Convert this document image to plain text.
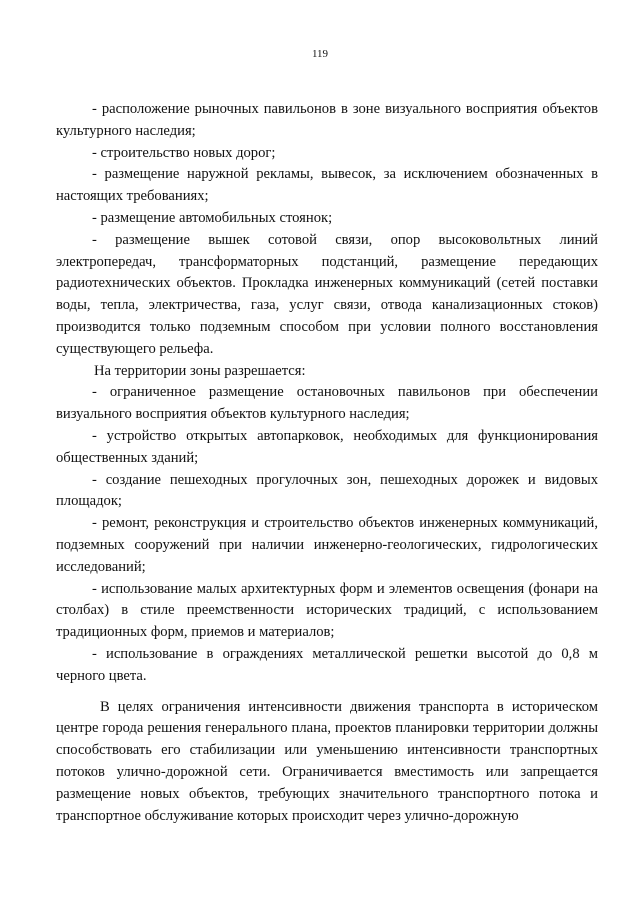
119

- расположение рыночных павильонов в зоне визуального восприятия объектов культурного наследия;

- строительство новых дорог;

- размещение наружной рекламы, вывесок, за исключением обозначенных в настоящих требованиях;

- размещение автомобильных стоянок;

- размещение вышек сотовой связи, опор высоковольтных линий электропередач, трансформаторных подстанций, размещение передающих радиотехнических объектов. Прокладка инженерных коммуникаций (сетей поставки воды, тепла, электричества, газа, услуг связи, отвода канализационных стоков) производится только подземным способом при условии полного восстановления существующего рельефа.

На территории зоны разрешается:

- ограниченное размещение остановочных павильонов при обеспечении визуального восприятия объектов культурного наследия;

- устройство открытых автопарковок, необходимых для функционирования общественных зданий;

- создание пешеходных прогулочных зон, пешеходных дорожек и видовых площадок;

- ремонт, реконструкция и строительство объектов инженерных коммуникаций, подземных сооружений при наличии инженерно-геологических, гидрологических исследований;

- использование малых архитектурных форм и элементов освещения (фонари на столбах) в стиле преемственности исторических традиций, с использованием традиционных форм, приемов и материалов;

- использование в ограждениях металлической решетки высотой до 0,8 м черного цвета.

В целях ограничения интенсивности движения транспорта в историческом центре города решения генерального плана, проектов планировки территории должны способствовать его стабилизации или уменьшению интенсивности транспортных потоков улично-дорожной сети. Ограничивается вместимость или запрещается размещение новых объектов, требующих значительного транспортного потока и транспортное обслуживание которых происходит через улично-дорожную
